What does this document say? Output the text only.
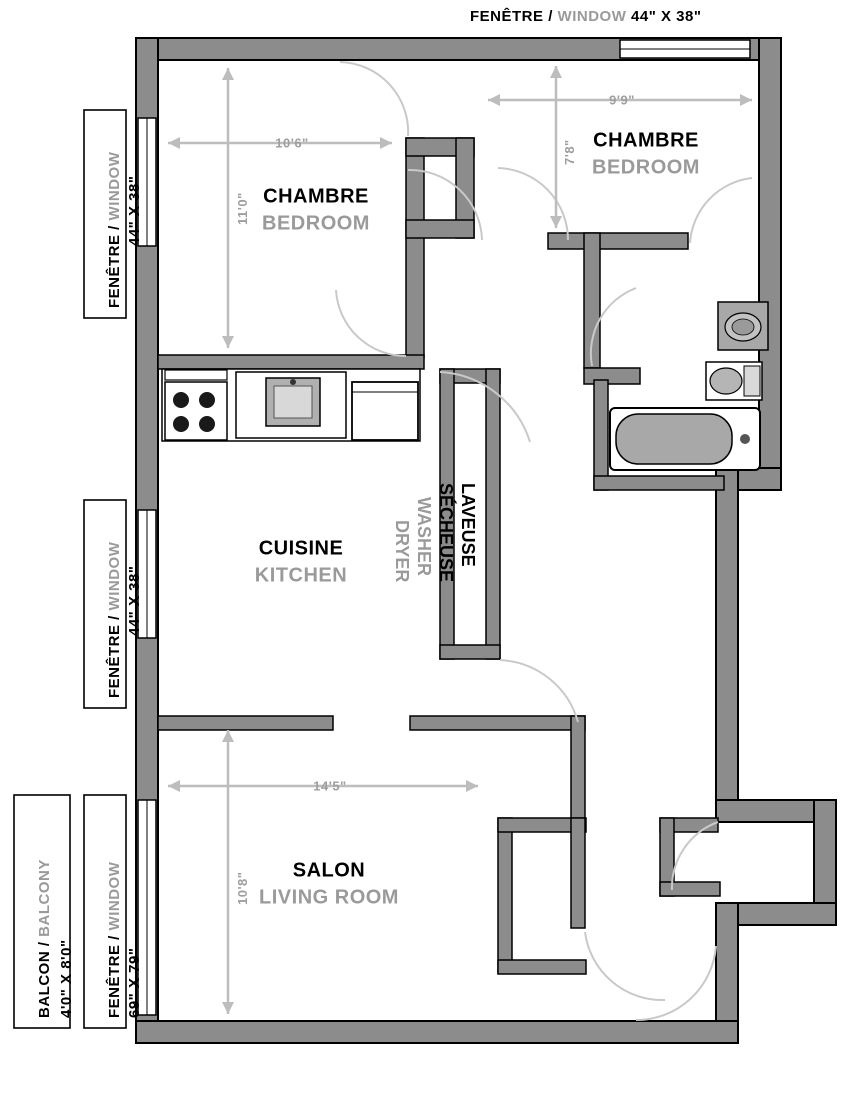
FENÊTRE / WINDOW 44" X 38"
FENÊTRE / WINDOW 44" X 38"
FENÊTRE / WINDOW 44" X 38"
BALCON / BALCONY
4'0" X 8'0" FENÊTRE / WINDOW
69" X 79"
CHAMBRE
BEDROOM
10'6"
11'0"
CHAMBRE
BEDROOM
9'9"
7'8"
CUISINE
KITCHEN
LAVEUSE
SÉCHEUSE
WASHER
DRYER
SALON
LIVING ROOM
14'5"
10'8"
